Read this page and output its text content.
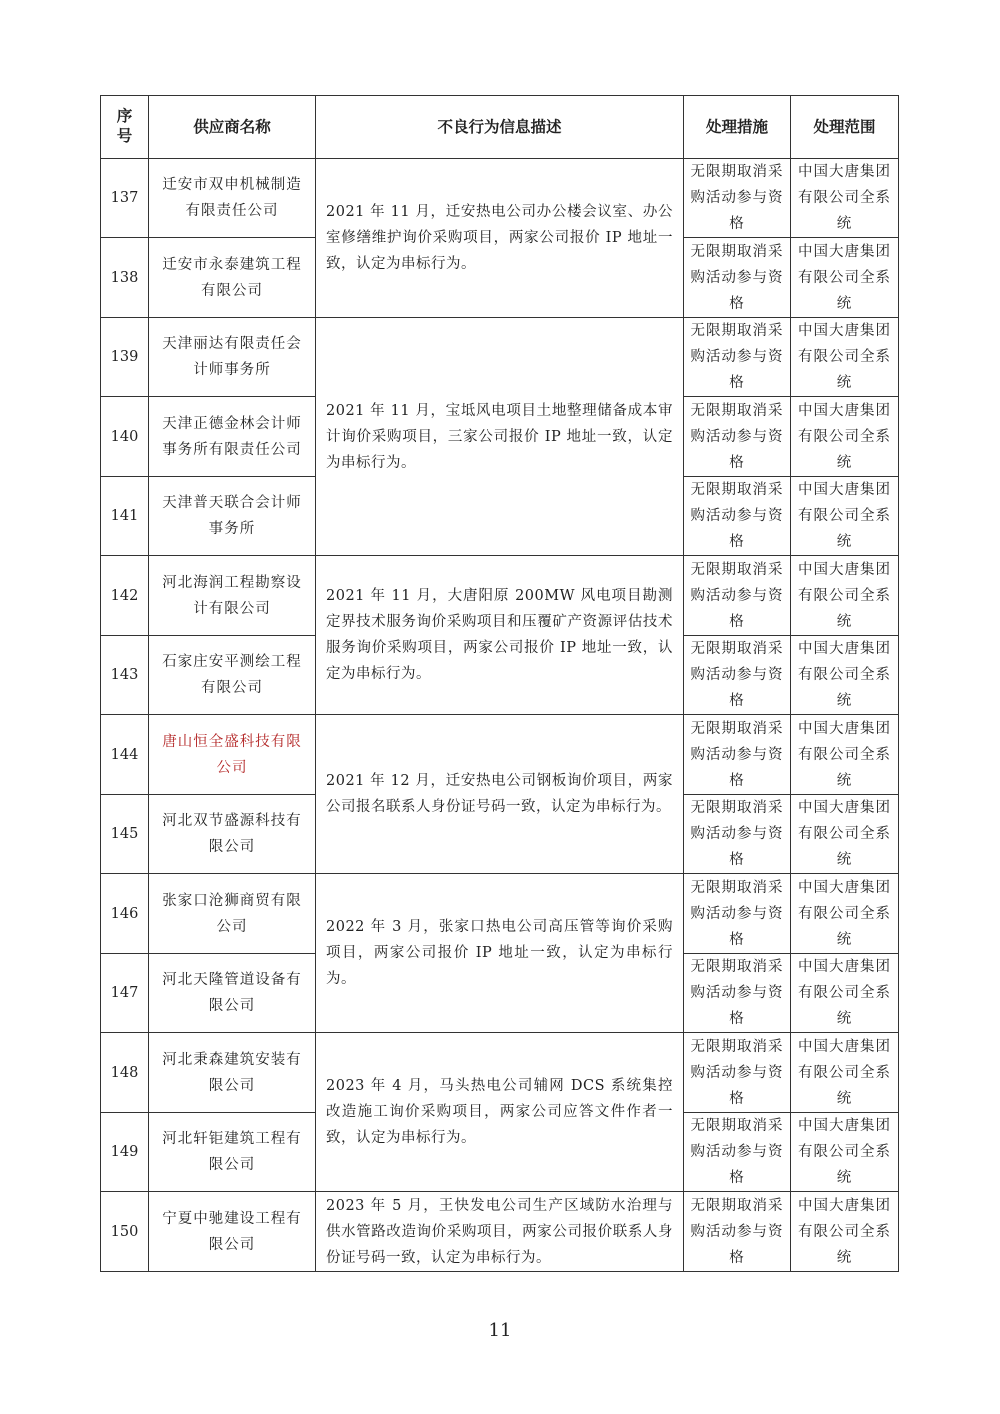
序号	供应商名称	不良行为信息描述	处理措施	处理范围
137	迁安市双申机械制造有限责任公司	2021 年 11 月，迁安热电公司办公楼会议室、办公室修缮维护询价采购项目，两家公司报价 IP 地址一致，认定为串标行为。	无限期取消采购活动参与资格	中国大唐集团有限公司全系统
138	迁安市永泰建筑工程有限公司		无限期取消采购活动参与资格	中国大唐集团有限公司全系统
139	天津丽达有限责任会计师事务所	2021 年 11 月，宝坻风电项目土地整理储备成本审计询价采购项目，三家公司报价 IP 地址一致，认定为串标行为。	无限期取消采购活动参与资格	中国大唐集团有限公司全系统
140	天津正德金林会计师事务所有限责任公司		无限期取消采购活动参与资格	中国大唐集团有限公司全系统
141	天津普天联合会计师事务所		无限期取消采购活动参与资格	中国大唐集团有限公司全系统
142	河北海润工程勘察设计有限公司	2021 年 11 月，大唐阳原 200MW 风电项目勘测定界技术服务询价采购项目和压覆矿产资源评估技术服务询价采购项目，两家公司报价 IP 地址一致，认定为串标行为。	无限期取消采购活动参与资格	中国大唐集团有限公司全系统
143	石家庄安平测绘工程有限公司		无限期取消采购活动参与资格	中国大唐集团有限公司全系统
144	唐山恒全盛科技有限公司	2021 年 12 月，迁安热电公司钢板询价项目，两家公司报名联系人身份证号码一致，认定为串标行为。	无限期取消采购活动参与资格	中国大唐集团有限公司全系统
145	河北双节盛源科技有限公司		无限期取消采购活动参与资格	中国大唐集团有限公司全系统
146	张家口沧狮商贸有限公司	2022 年 3 月，张家口热电公司高压管等询价采购项目，两家公司报价 IP 地址一致，认定为串标行为。	无限期取消采购活动参与资格	中国大唐集团有限公司全系统
147	河北天隆管道设备有限公司		无限期取消采购活动参与资格	中国大唐集团有限公司全系统
148	河北秉森建筑安装有限公司	2023 年 4 月，马头热电公司辅网 DCS 系统集控改造施工询价采购项目，两家公司应答文件作者一致，认定为串标行为。	无限期取消采购活动参与资格	中国大唐集团有限公司全系统
149	河北轩钜建筑工程有限公司		无限期取消采购活动参与资格	中国大唐集团有限公司全系统
150	宁夏中驰建设工程有限公司	2023 年 5 月，王快发电公司生产区域防水治理与供水管路改造询价采购项目，两家公司报价联系人身份证号码一致，认定为串标行为。	无限期取消采购活动参与资格	中国大唐集团有限公司全系统
11
